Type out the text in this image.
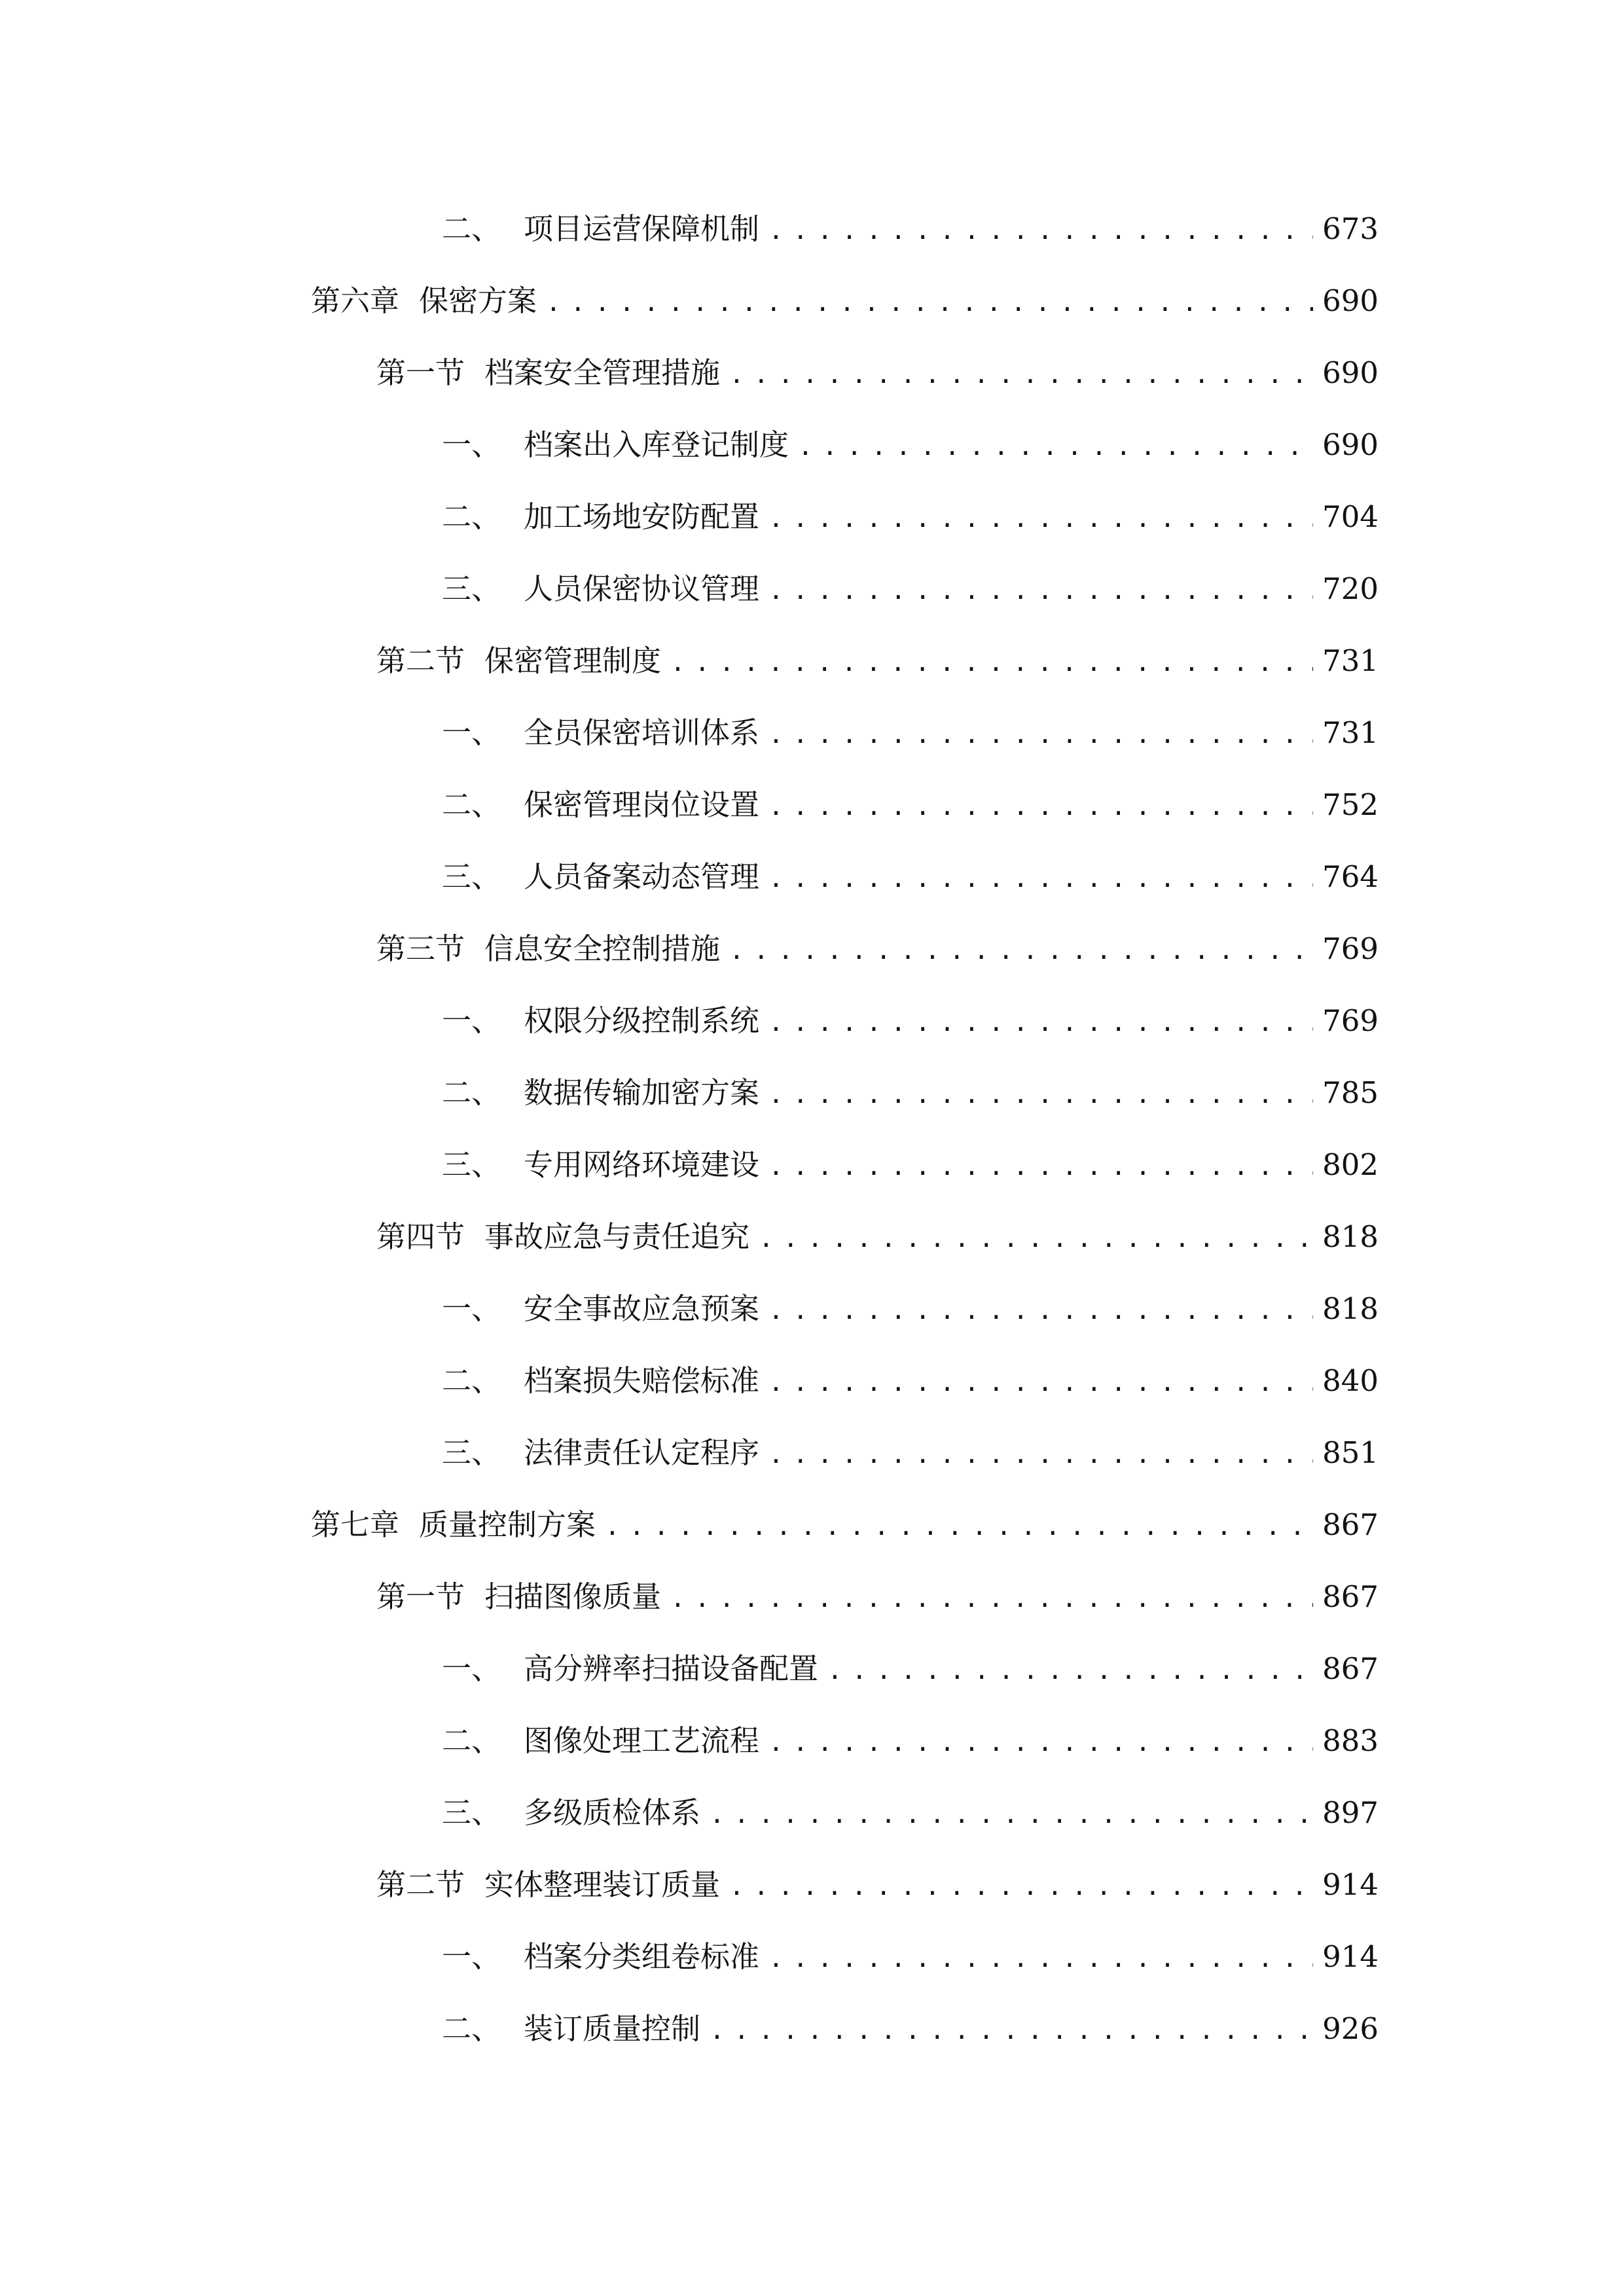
二、 项目运营保障机制 .....	673
第六章 保密方案 .....	690
第一节 档案安全管理措施 .....	690
一、 档案出入库登记制度 .....	690
二、 加工场地安防配置 .....	704
三、 人员保密协议管理 .....	720
第二节 保密管理制度 .....	731
一、 全员保密培训体系 .....	731
二、 保密管理岗位设置 .....	752
三、 人员备案动态管理 .....	764
第三节 信息安全控制措施 .....	769
一、 权限分级控制系统 .....	769
二、 数据传输加密方案 .....	785
三、 专用网络环境建设 .....	802
第四节 事故应急与责任追究 .....	818
一、 安全事故应急预案 .....	818
二、 档案损失赔偿标准 .....	840
三、 法律责任认定程序 .....	851
第七章 质量控制方案 .....	867
第一节 扫描图像质量 .....	867
一、 高分辨率扫描设备配置 .....	867
二、 图像处理工艺流程 .....	883
三、 多级质检体系 .....	897
第二节 实体整理装订质量 .....	914
一、 档案分类组卷标准 .....	914
二、 装订质量控制 .....	926
